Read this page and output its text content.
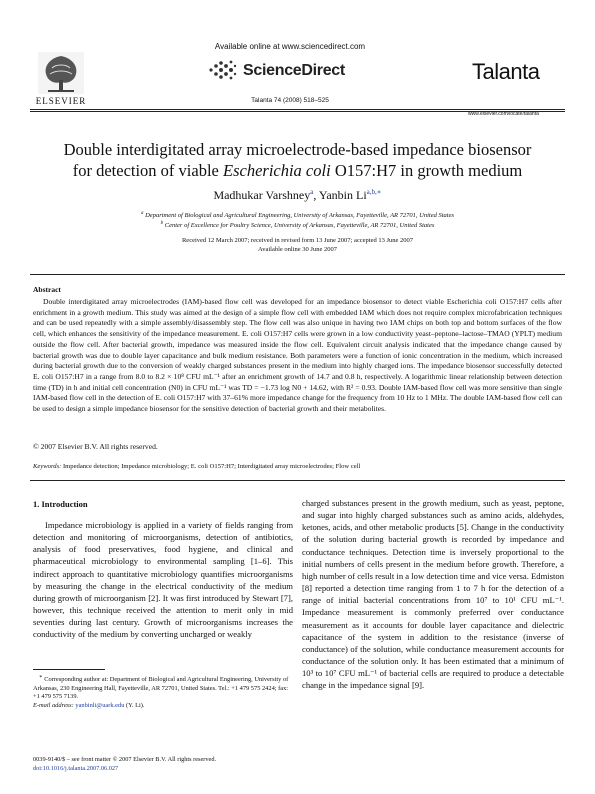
Available online at www.sciencedirect.com
ScienceDirect
Talanta 74 (2008) 518–525
ELSEVIER
Talanta
www.elsevier.com/locate/talanta
Double interdigitated array microelectrode-based impedance biosensor
for detection of viable Escherichia coli O157:H7 in growth medium
Madhukar Varshney$^a$, Yanbin Li$^{a,b,∗}$
$^a$ Department of Biological and Agricultural Engineering, University of Arkansas, Fayetteville, AR 72701, United States
$^b$ Center of Excellence for Poultry Science, University of Arkansas, Fayetteville, AR 72701, United States
Received 12 March 2007; received in revised form 13 June 2007; accepted 13 June 2007
Available online 30 June 2007
Abstract
Double interdigitated array microelectrodes (IAM)-based flow cell was developed for an impedance biosensor to detect viable Escherichia coli O157:H7 cells after enrichment in a growth medium. This study was aimed at the design of a simple flow cell with embedded IAM which does not require complex microfabrication techniques and can be used repeatedly with a simple assembly/disassembly step. The flow cell was also unique in having two IAM chips on both top and bottom surfaces of the flow cell, which enhances the sensitivity of the impedance measurement. E. coli O157:H7 cells were grown in a low conductivity yeast–peptone–lactose–TMAO (YPLT) medium outside the flow cell. After bacterial growth, impedance was measured inside the flow cell. Equivalent circuit analysis indicated that the impedance change caused by bacterial growth was due to double layer capacitance and bulk medium resistance. Both parameters were a function of ionic concentration in the medium, which increased during bacterial growth due to the conversion of weakly charged substances present in the medium into highly charged ions. The impedance biosensor successfully detected E. coli O157:H7 in a range from 8.0 to 8.2 × 10⁸ CFU mL⁻¹ after an enrichment growth of 14.7 and 0.8 h, respectively. A logarithmic linear relationship between detection time (TD) in h and initial cell concentration (N0) in CFU mL⁻¹ was TD = −1.73 log N0 + 14.62, with R² = 0.93. Double IAM-based flow cell was more sensitive than single IAM-based flow cell in the detection of E. coli O157:H7 with 37–61% more impedance change for the frequency from 10 Hz to 1 MHz. The double IAM-based flow cell can be used to design a simple impedance biosensor for the sensitive detection of bacterial growth and their metabolites.
© 2007 Elsevier B.V. All rights reserved.
Keywords: Impedance detection; Impedance microbiology; E. coli O157:H7; Interdigitated array microelectrodes; Flow cell
1. Introduction
Impedance microbiology is applied in a variety of fields ranging from detection and monitoring of microorganisms, detection of antibiotics, analysis of food preservatives, food hygiene, and clinical and pharmaceutical microbiology to environmental sampling [1–6]. This indirect approach to quantitative microbiology quantifies microorganisms by measuring the change in the electrical conductivity of the medium during growth of microorganism [2]. It was first introduced by Stewart [7], however, this technique received the attention to merit only in mid seventies during last century. Growth of microorganisms increases the conductivity of the medium by converting uncharged or weakly
charged substances present in the growth medium, such as yeast, peptone, and sugar into highly charged substances such as amino acids, aldehydes, ketones, acids, and other metabolic products [5]. Change in the conductivity of the solution during bacterial growth is recorded by impedance and conductance techniques. Detection time is inversely proportional to the initial numbers of cells present in the medium before growth. Therefore, a high number of cells result in a low detection time and vice versa. Edmiston [8] reported a detection time ranging from 1 to 7 h for the detection of a range of initial bacterial concentrations from 10⁷ to 10¹ CFU mL⁻¹. Impedance measurement is commonly preferred over conductance measurement as it accounts for double layer capacitance and dielectric capacitance of the system in addition to the resistance (inverse of conductance) of the solution, while conductance measurement accounts for conductance of the solution only. It has been estimated that a minimum of 10³ to 10⁷ CFU mL⁻¹ of bacterial cells are required to produce a detectable change in the impedance signal [9].
∗ Corresponding author at: Department of Biological and Agricultural Engineering, University of Arkansas, 230 Engineering Hall, Fayetteville, AR 72701, United States. Tel.: +1 479 575 2424; fax: +1 479 575 7139.
E-mail address: yanbinli@uark.edu (Y. Li).
0039-9140/$ – see front matter © 2007 Elsevier B.V. All rights reserved.
doi:10.1016/j.talanta.2007.06.027
